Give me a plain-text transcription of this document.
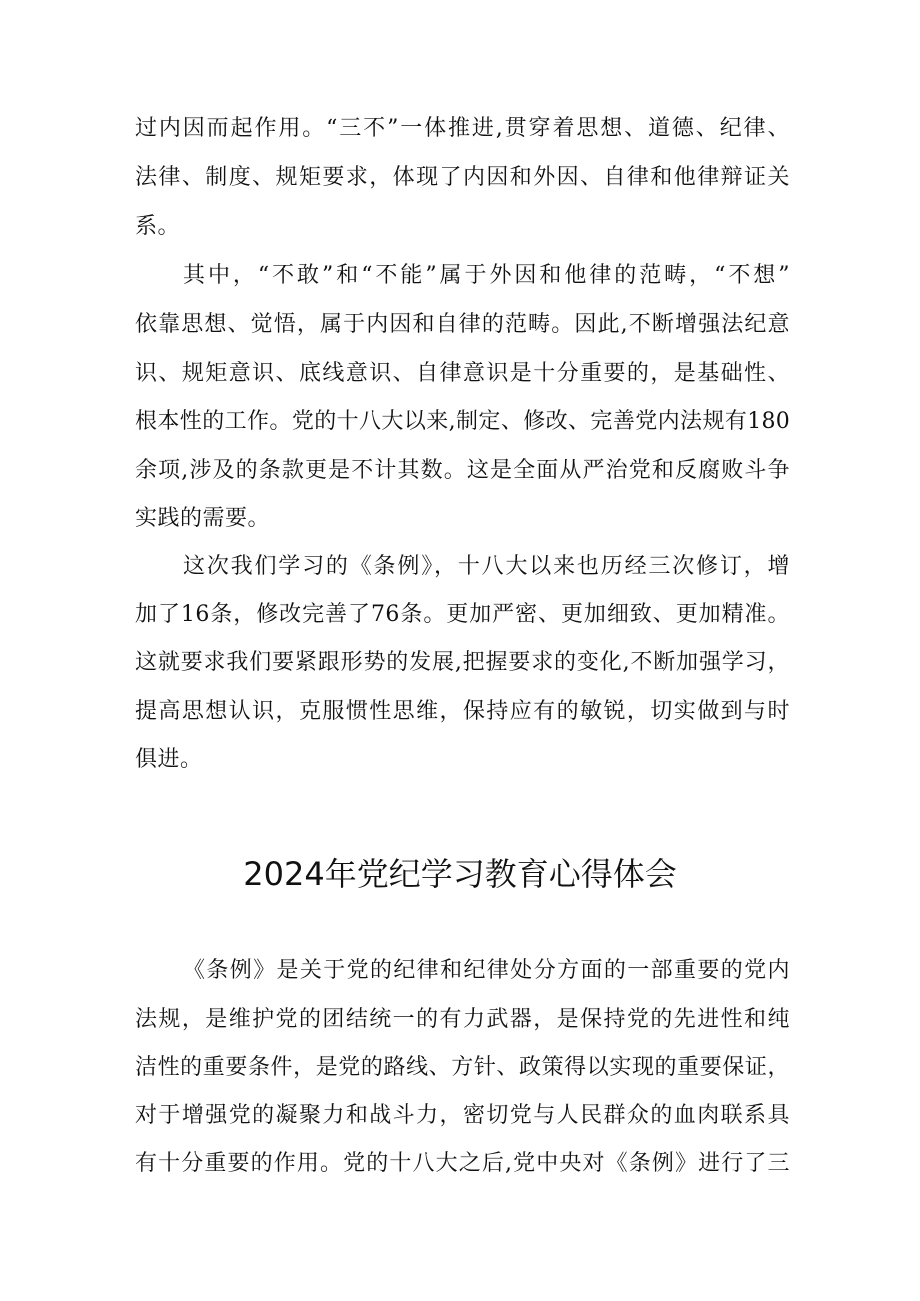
过内因而起作用。“三不”一体推进,贯穿着思想、道德、纪律、
法律、制度、规矩要求，体现了内因和外因、自律和他律辩证关
系。
其中，“不敢”和“不能”属于外因和他律的范畴，“不想”
依靠思想、觉悟，属于内因和自律的范畴。因此,不断增强法纪意
识、规矩意识、底线意识、自律意识是十分重要的，是基础性、
根本性的工作。党的十八大以来,制定、修改、完善党内法规有180
余项,涉及的条款更是不计其数。这是全面从严治党和反腐败斗争
实践的需要。
这次我们学习的《条例》，十八大以来也历经三次修订，增
加了16条，修改完善了76条。更加严密、更加细致、更加精准。
这就要求我们要紧跟形势的发展,把握要求的变化,不断加强学习，
提高思想认识，克服惯性思维，保持应有的敏锐，切实做到与时
俱进。
2024年党纪学习教育心得体会
《条例》是关于党的纪律和纪律处分方面的一部重要的党内
法规，是维护党的团结统一的有力武器，是保持党的先进性和纯
洁性的重要条件，是党的路线、方针、政策得以实现的重要保证，
对于增强党的凝聚力和战斗力，密切党与人民群众的血肉联系具
有十分重要的作用。党的十八大之后,党中央对《条例》进行了三
